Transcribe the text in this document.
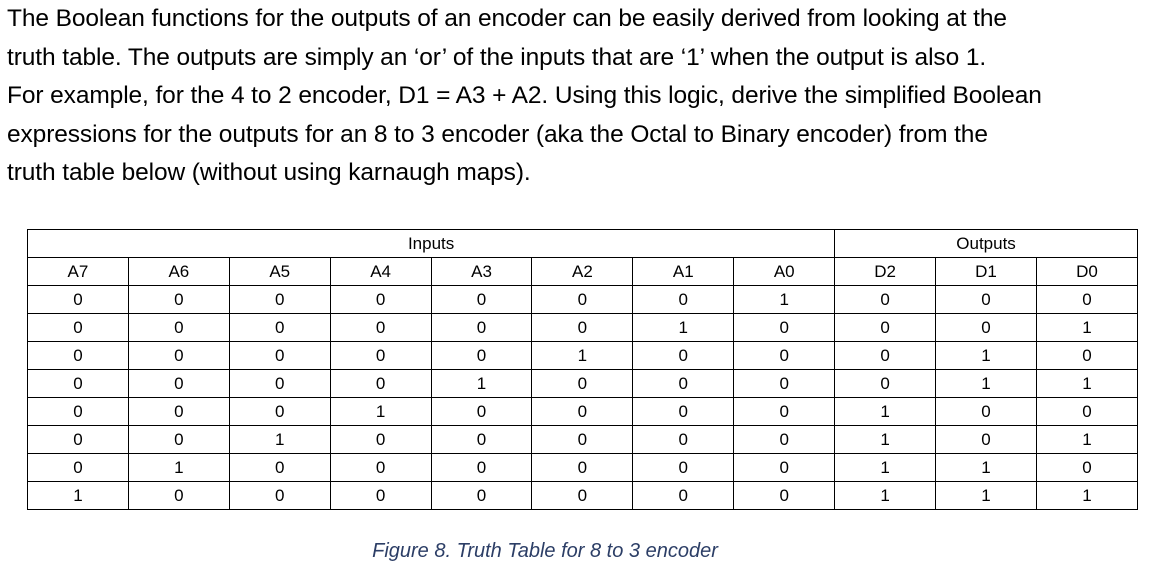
The Boolean functions for the outputs of an encoder can be easily derived from looking at the

truth table. The outputs are simply an ‘or’ of the inputs that are ‘1’ when the output is also 1.

For example, for the 4 to 2 encoder, D1 = A3 + A2. Using this logic, derive the simplified Boolean

expressions for the outputs for an 8 to 3 encoder (aka the Octal to Binary encoder) from the

truth table below (without using karnaugh maps).

Inputs								Outputs		
A7	A6	A5	A4	A3	A2	A1	A0	D2	D1	D0
0	0	0	0	0	0	0	1	0	0	0
0	0	0	0	0	0	1	0	0	0	1
0	0	0	0	0	1	0	0	0	1	0
0	0	0	0	1	0	0	0	0	1	1
0	0	0	1	0	0	0	0	1	0	0
0	0	1	0	0	0	0	0	1	0	1
0	1	0	0	0	0	0	0	1	1	0
1	0	0	0	0	0	0	0	1	1	1
Figure 8. Truth Table for 8 to 3 encoder
